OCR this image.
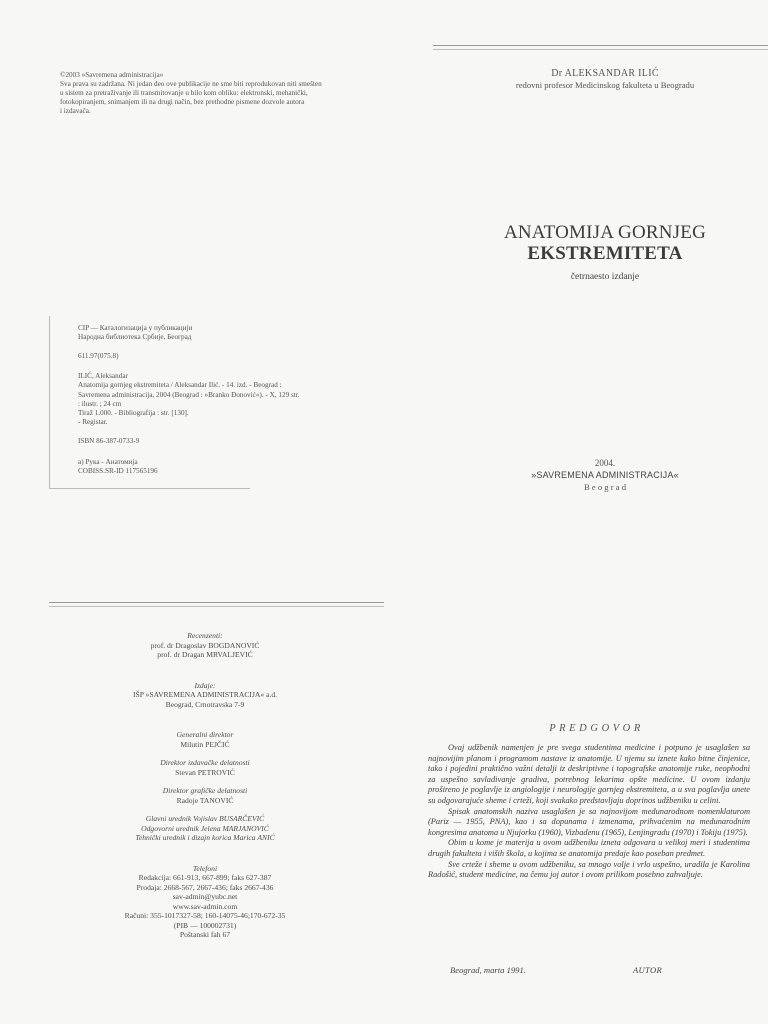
Dr ALEKSANDAR ILIĆ
redovni profesor Medicinskog fakulteta u Beogradu
©2003 »Savremena administracija«
Sva prava su zadržana. Ni jedan deo ove publikacije ne sme biti reprodukovan niti smešten
u sistem za pretraživanje ili transmitovanje u bilo kom obliku: elektronski, mehanički,
fotokopiranjem, snimanjem ili na drugi način, bez prethodne pismene dozvole autora
i izdavača.
ANATOMIJA GORNJEG
EKSTREMITETA
četrnaesto izdanje
CIP — Каталогизација у публикацији
Народна библиотека Србије, Београд
611.97(075.8)
ILIĆ, Aleksandar
Anatomija gornjeg ekstremiteta / Aleksandar Ilić. - 14. izd. - Beograd :
Savremena administracija, 2004 (Beograd : »Branko Đonović«). - X, 129 str.
: ilustr. ; 24 cm
Tiraž 1.000. - Bibliografija : str. [130].
- Registar.
ISBN 86-387-0733-9
а) Рука - Анатомија
COBISS.SR-ID 117565196
2004.
»SAVREMENA ADMINISTRACIJA«
B e o g r a d
Recenzenti:
prof. dr Dragoslav BOGDANOVIĆ
prof. dr Dragan MRVALJEVIĆ
Izdaje:
IŠP »SAVREMENA ADMINISTRACIJA« a.d.
Beograd, Crnotravska 7-9
Generalni direktor
Milutin PEJČIĆ
Direktor izdavačke delatnosti
Stevan PETROVIĆ
Direktor grafičke delatnosti
Radoje TANOVIĆ
Glavni urednik Vojislav BUSARČEVIĆ
Odgovorni urednik Jelena MARJANOVIĆ
Tehnički urednik i dizajn korica Marica ANIĆ
Telefoni
Redakcija: 661-913, 667-899; faks 627-387
Prodaja: 2668-567, 2667-436; faks 2667-436
sav-admin@yubc.net
www.sav-admin.com
Računi: 355-1017327-58; 160-14075-46;170-672-35
(PIB — 100002731)
Poštanski fah 67
P R E D G O V O R

Ovaj udžbenik namenjen je pre svega studentima medicine i potpuno je usaglašen sa najnovijim planom i programom nastave iz anatomije. U njemu su iznete kako bitne činjenice, tako i pojedini praktično važni detalji iz deskriptivne i topografske anatomije ruke, neophodni za uspešno savladivanje gradiva, potrebnog lekarima opšte medicine. U ovom izdanju prošireno je poglavlje iz angiologije i neurologije gornjeg ekstremiteta, a u sva poglavlja unete su odgovarajuće sheme i crteži, koji svakako predstavljaju doprinos udžbeniku u celini.

Spisak anatomskih naziva usaglašen je sa najnovijom medunarodnom nomenklaturom (Pariz — 1955, PNA), kao i sa dopunama i izmenama, prihvaćenim na medunarodnim kongresima anatoma u Njujorku (1960), Vizbadenu (1965), Lenjingradu (1970) i Tokiju (1975).

Obim u kome je materija u ovom udžbeniku izneta odgovara u velikoj meri i studentima drugih fakulteta i viših škola, u kojima se anatomija predaje kao poseban predmet.

Sve crteže i sheme u ovom udžbeniku, sa mnogo volje i vrlo uspešno, uradila je Karolina Radošić, student medicine, na čemu joj autor i ovom prilikom posebno zahvaljuje.

Beograd, marta 1991.	AUTOR
